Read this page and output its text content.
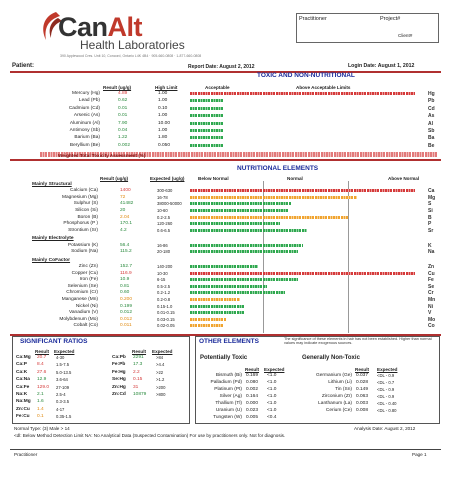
CanAlt
Health Laboratories
390 Applewood Cres. Unit 10, Concord, Ontario L4K 4B4 · 905-660-0808 · 1-877-660-0808
Practitioner	Project#
Client#
Patient:	Report Date: August 2, 2012	Login Date: August 1, 2012
TOXIC AND NON-NUTRITIONAL
Result (ug/g)	High Limit	Acceptable	Above Acceptable Limits
Mercury (Hg)	4.89	1.00	Hg
Lead (Pb)	0.62	1.00	Pb
Cadmium (Cd)	0.01	0.10	Cd
Arsenic (As)	0.01	1.00	As
Aluminum (Al)	7.90	10.00	Al
Antimony (Sb)	0.04	1.00	Sb
Barium (Ba)	1.22	1.80	Ba
Beryllium (Be)	0.002	0.050	Be
Weighted Total Toxicity Assessment (%)
NUTRITIONAL ELEMENTS
Result (ug/g)	Expected (ug/g)	Below Normal	Normal	Above Normal
Mainly Structural
Calcium (Ca)	1400	300-630	Ca
Magnesium (Mg)	72	16-78	Mg
Sulphur (S)	41482	38000-50000	S
Silicon (Si)	20	10-60	Si
Boron (B)	2.04	0.2-2.5	B
Phosphorus (P )	170.1	120-260	P
Strontium (Sr)	4.2	0.6-6.5	Sr
Mainly Electrolyte
Potassium (K)	56.4	16-86	K
Sodium (Na)	115.2	20-180	Na
Mainly CoFactor
Zinc (Zn)	152.7	140-200	Zn
Copper (Cu)	116.9	10-30	Cu
Iron (Fe)	10.9	6-15	Fe
Selenium (Se)	0.81	0.5-2.5	Se
Chromium (Cr)	0.60	0.2-1.2	Cr
Manganese (Mn)	0.200	0.2-0.8	Mn
Nickel (Ni)	0.199	0.15-1.0	Ni
Vanadium (V)	0.012	0.01-0.15	V
Molybdenum (Mo)	0.012	0.03-0.15	Mo
Cobalt (Co)	0.011	0.02-0.05	Co
SIGNIFICANT RATIOS
Result Expected	Result Expected
Ca:Mg 20.7 4-30
Ca:P 8.4	1.5-7.5
Ca:K 27.6 5.0-13.5
Ca:Na 12.9 3.6-64
Ca:Fe 129.0 27-109
Na:K 2.1	2.5-4
Na:Mg 1.6	0.3-3.5
Zn:Cu 1.4	4-17
Fe:Cu 0.1	0.35-1.5
Ca:Pb 2291	>84
Fe:Pb 17.3	>4.4
Fe:Hg 2.2	>22
Se:Hg 0.15	>1.2
Zn:Hg 31	>200
Zn:Cd 10879 >800
OTHER ELEMENTS	The significance of these elements in hair has not been established. Higher than normal values may indicate exogenous sources.
Potentially Toxic	Generally Non-Toxic
Result Expected	Result Expected
Bismuth (Bi) 0.169 <1.0
Palladium (Pd) 0.080 <1.0
Platinum (Pt) 0.002 <1.0
Silver (Ag) 0.164 <1.0
Thallium (Tl) 0.000 <1.0
Uranium (U) 0.023 <1.0
Tungsten (W) 0.005 <0.4
Germanium (Ge) 0.037 <DL - 0.9
Lithium (Li) 0.028 <DL - 0.7
Tin (Sn) 0.149 <DL - 0.9
Zirconium (Zr) 0.063 <DL - 0.9
Lanthanum (La) 0.003 <DL - 0.40
Cerium (Ce) 0.008 <DL - 0.80
Normal Type: (3) Male > 14	Analysis Date: August 2, 2012
<dl: Below Method Detection Limit NA: No Analytical Data (Suspected Contamination) For use by practitioners only. Not for diagnosis.
Practitioner	Page 1
